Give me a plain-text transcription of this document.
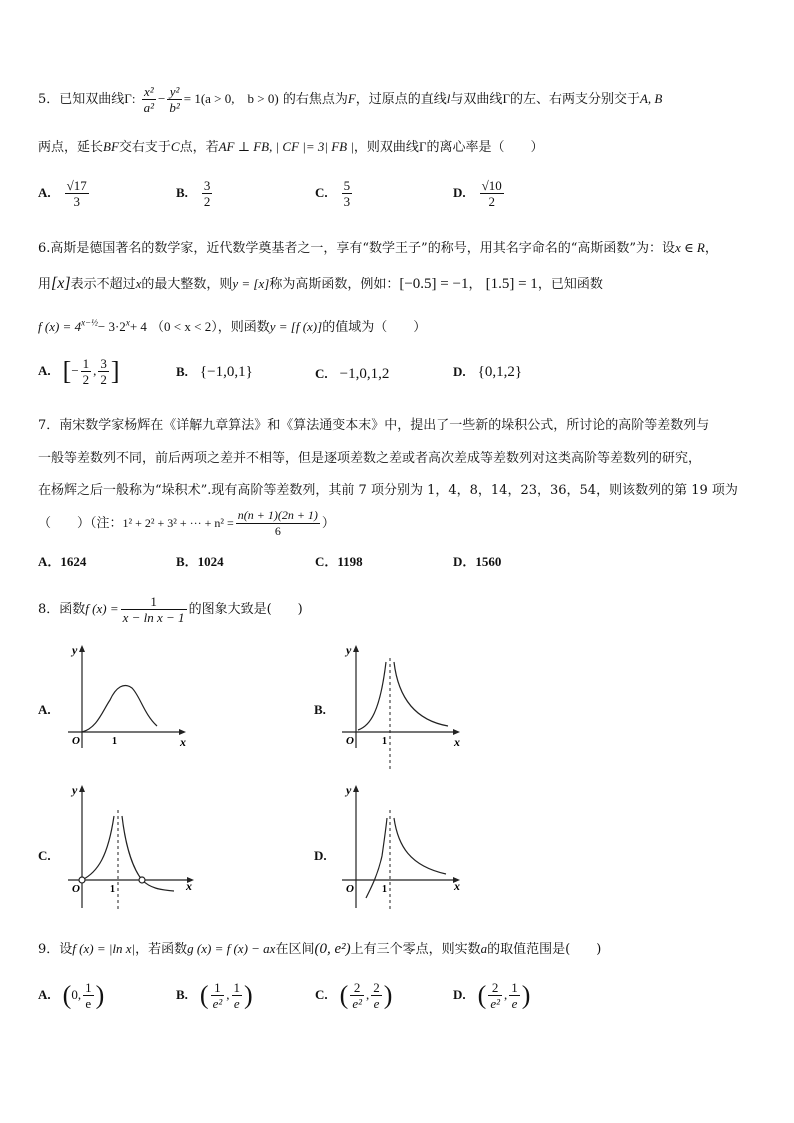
5．已知双曲线Γ: $\frac{\text{x²}}{\text{a²}} - \frac{\text{y²}}{\text{b²}} = 1(a > 0$,　b > 0) 的右焦点为F，过原点的直线l与双曲线Γ的左、右两支分别交于A, B
两点，延长BF交右支于C点，若AF ⊥ FB, | CF |= 3| FB |，则双曲线Γ的离心率是（　　）
A. $\frac{√17}{3}$	B. $\frac{3}{2}$	C. $\frac{5}{3}$	D. $\frac{√10}{2}$
6.高斯是德国著名的数学家，近代数学奠基者之一，享有“数学王子”的称号，用其名字命名的“高斯函数”为：设x ∈ R，
用[x]表示不超过x的最大整数，则y = [x]称为高斯函数，例如：[−0.5] = −1， [1.5] = 1，已知函数
f $(x) = 4^{x-\frac{1}{2}}- 3\cdot 2^x+ 4$ （0 < x < 2），则函数y = [f (x)]的值域为（　　）
A. [− $\frac{1}{2}$ , $\frac{3}{2}$ ]	B. {−1,0,1}	C. −1,0,1,2	D. {0,1,2}
7．南宋数学家杨辉在《详解九章算法》和《算法通变本末》中，提出了一些新的垛积公式，所讨论的高阶等差数列与
一般等差数列不同，前后两项之差并不相等，但是逐项差数之差或者高次差成等差数列对这类高阶等差数列的研究，
在杨辉之后一般称为“垛积术”.现有高阶等差数列，其前 7 项分别为 1，4，8，14，23，36，54，则该数列的第 19 项为
（　　）（注：1² + 2² + 3² + ··· + $n^2 = \frac{n(n + 1)(2n + 1)}{6}$ ）
A．1624	B．1024	C．1198	D．1560
8．函数f $(x) = \frac{1}{\text{x − ln x − 1}}$ 的图象大致是(　　)
A.
y
x
O	1
B.
y
x
O	1
C.
y
x
O	1
D.
y
x
O	1
9．设f (x) = |ln x|，若函数g (x) = f (x) − ax在区间(0, e²)上有三个零点，则实数a的取值范围是(　　)
A. (0, $\frac{1}{e}$ )	B. ( $\frac{1}{\text{e²}}$ , $\frac{1}{e}$ )	C. ( $\frac{2}{\text{e²}}$ , $\frac{2}{e}$ )	D. ( $\frac{2}{\text{e²}}$ , $\frac{1}{e}$ )
